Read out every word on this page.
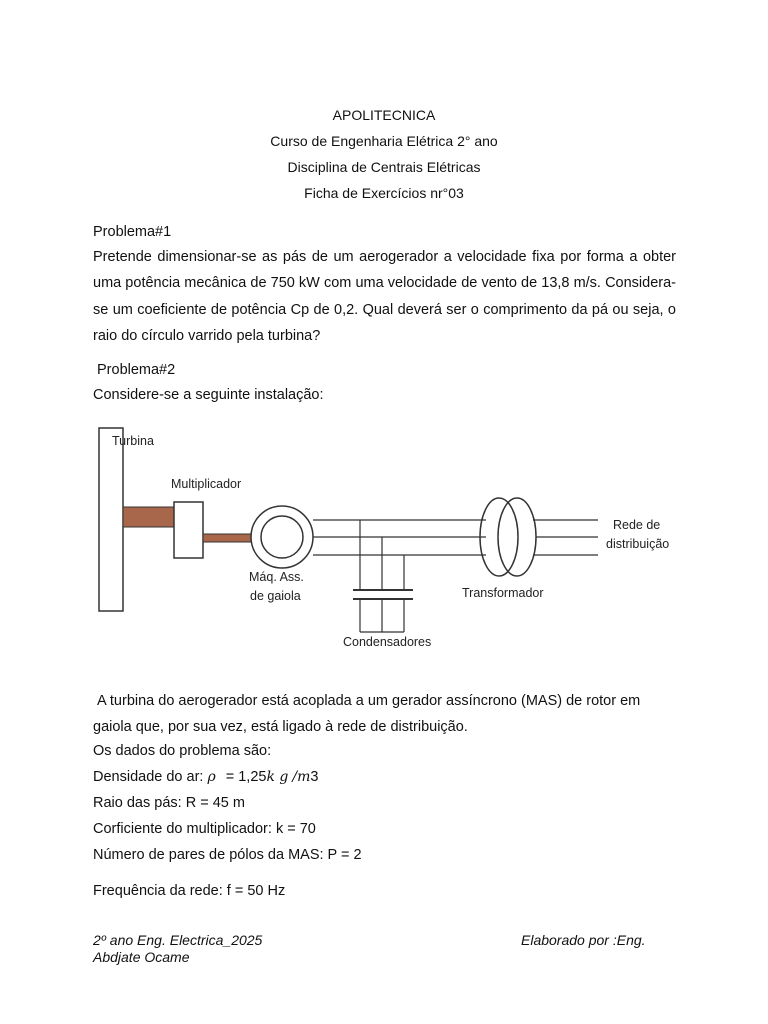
APOLITECNICA
Curso de Engenharia Elétrica 2° ano
Disciplina de Centrais Elétricas
Ficha de Exercícios nr°03
Problema#1

Pretende dimensionar-se as pás de um aerogerador a velocidade fixa por forma a obter uma potência mecânica de 750 kW com uma velocidade de vento de 13,8 m/s. Considera-se um coeficiente de potência Cp de 0,2. Qual deverá ser o comprimento da pá ou seja, o raio do círculo varrido pela turbina?

Problema#2
Considere-se a seguinte instalação:
Turbina
Multiplicador
Máq. Ass.
de gaiola
Condensadores
Transformador
Rede de
distribuição

A turbina do aerogerador está acoplada a um gerador assíncrono (MAS) de rotor em gaiola que, por sua vez, está ligado à rede de distribuição.

Os dados do problema são:
Densidade do ar: ρ = 1,25k g /m3
Raio das pás: R = 45 m
Corficiente do multiplicador: k = 70
Número de pares de pólos da MAS: P = 2
Frequência da rede: f = 50 Hz
2º ano Eng. Electrica_2025	Elaborado por :Eng.
Abdjate Ocame
